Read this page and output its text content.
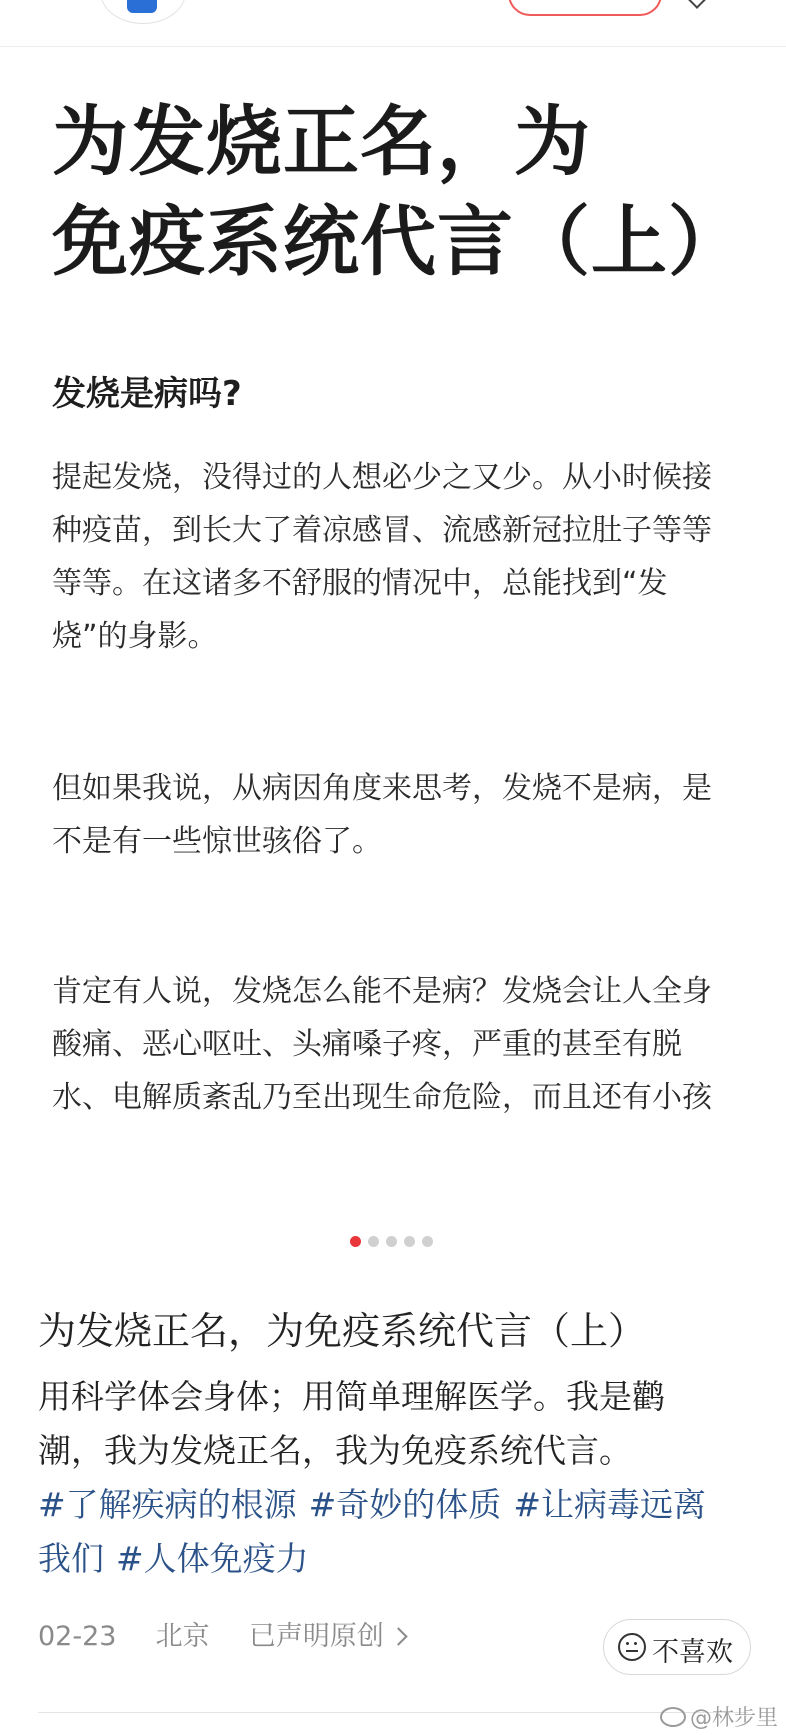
为发烧正名，为
免疫系统代言（上）
发烧是病吗?
提起发烧，没得过的人想必少之又少。从小时候接
种疫苗，到长大了着凉感冒、流感新冠拉肚子等等
等等。在这诸多不舒服的情况中，总能找到“发
烧”的身影。
但如果我说，从病因角度来思考，发烧不是病，是
不是有一些惊世骇俗了。
肯定有人说，发烧怎么能不是病？发烧会让人全身
酸痛、恶心呕吐、头痛嗓子疼，严重的甚至有脱
水、电解质紊乱乃至出现生命危险，而且还有小孩
为发烧正名，为免疫系统代言（上）
用科学体会身体；用简单理解医学。我是鹳
潮，我为发烧正名，我为免疫系统代言。
#了解疾病的根源 #奇妙的体质 #让病毒远离
我们 #人体免疫力
02-23 北京 已声明原创
不喜欢
@林步里
